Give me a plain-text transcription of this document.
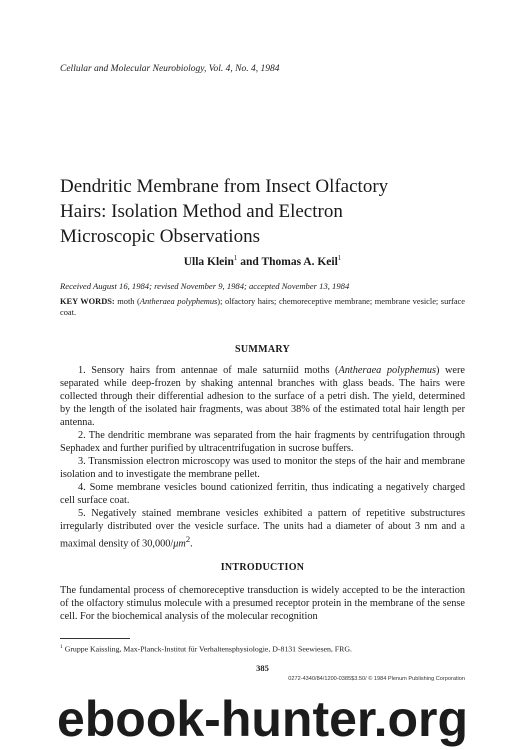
Cellular and Molecular Neurobiology, Vol. 4, No. 4, 1984
Dendritic Membrane from Insect Olfactory
Hairs: Isolation Method and Electron
Microscopic Observations
Ulla Klein$^1$ and Thomas A. Keil$^1$
Received August 16, 1984; revised November 9, 1984; accepted November 13, 1984
KEY WORDS: moth (Antheraea polyphemus); olfactory hairs; chemoreceptive membrane; membrane vesicle; surface coat.
SUMMARY

1. Sensory hairs from antennae of male saturniid moths (Antheraea polyphemus) were separated while deep-frozen by shaking antennal branches with glass beads. The hairs were collected through their differential adhesion to the surface of a petri dish. The yield, determined by the length of the isolated hair fragments, was about 38% of the estimated total hair length per antenna.

2. The dendritic membrane was separated from the hair fragments by centrifugation through Sephadex and further purified by ultracentrifugation in sucrose buffers.

3. Transmission electron microscopy was used to monitor the steps of the hair and membrane isolation and to investigate the membrane pellet.

4. Some membrane vesicles bound cationized ferritin, thus indicating a negatively charged cell surface coat.

5. Negatively stained membrane vesicles exhibited a pattern of repetitive substructures irregularly distributed over the vesicle surface. The units had a diameter of about 3 nm and a maximal density of $30,000/\mu m^2$.

INTRODUCTION

The fundamental process of chemoreceptive transduction is widely accepted to be the interaction of the olfactory stimulus molecule with a presumed receptor protein in the membrane of the sense cell. For the biochemical analysis of the molecular recognition

$^1$ Gruppe Kaissling, Max-Planck-Institut für Verhaltensphysiologie, D-8131 Seewiesen, FRG.
385
0272-4340/84/1200-0385$3.50/ © 1984 Plenum Publishing Corporation
ebook-hunter.org
